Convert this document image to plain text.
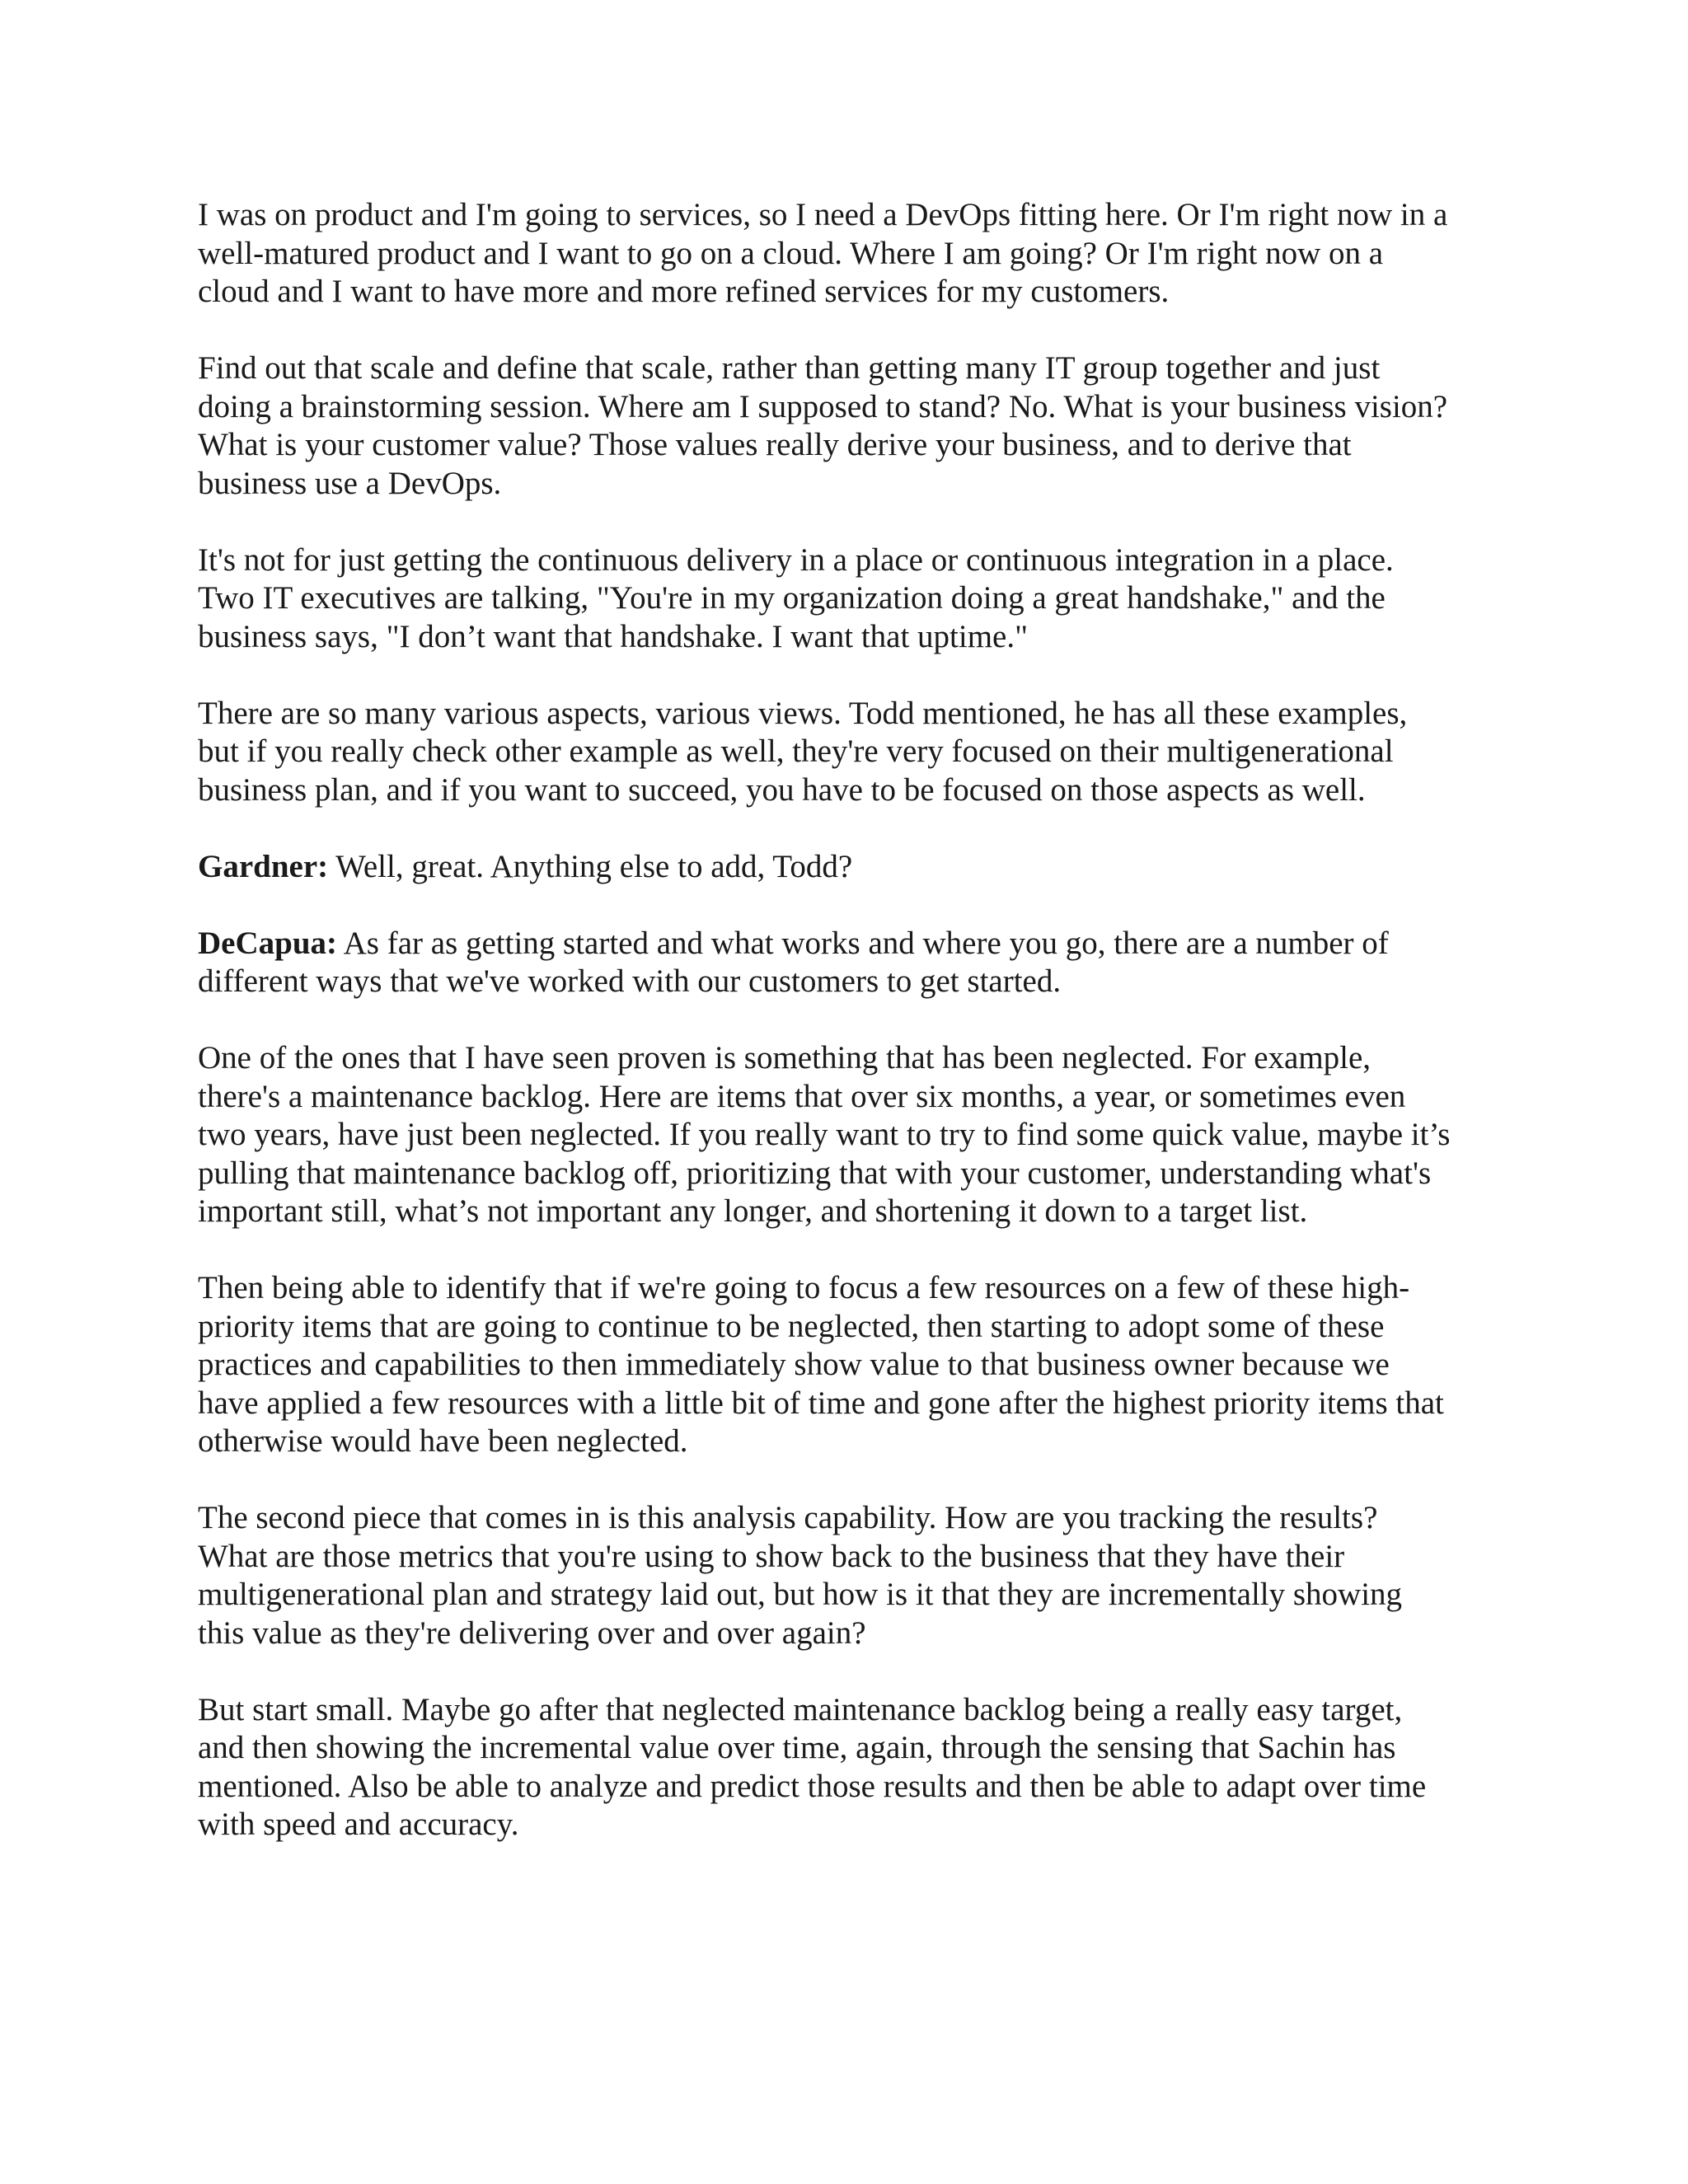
I was on product and I'm going to services, so I need a DevOps fitting here. Or I'm right now in a
well-matured product and I want to go on a cloud. Where I am going? Or I'm right now on a
cloud and I want to have more and more refined services for my customers.

Find out that scale and define that scale, rather than getting many IT group together and just
doing a brainstorming session. Where am I supposed to stand? No. What is your business vision?
What is your customer value? Those values really derive your business, and to derive that
business use a DevOps.

It's not for just getting the continuous delivery in a place or continuous integration in a place.
Two IT executives are talking, "You're in my organization doing a great handshake," and the
business says, "I don’t want that handshake. I want that uptime."

There are so many various aspects, various views. Todd mentioned, he has all these examples,
but if you really check other example as well, they're very focused on their multigenerational
business plan, and if you want to succeed, you have to be focused on those aspects as well.

Gardner: Well, great. Anything else to add, Todd?

DeCapua: As far as getting started and what works and where you go, there are a number of
different ways that we've worked with our customers to get started.

One of the ones that I have seen proven is something that has been neglected. For example,
there's a maintenance backlog. Here are items that over six months, a year, or sometimes even
two years, have just been neglected. If you really want to try to find some quick value, maybe it’s
pulling that maintenance backlog off, prioritizing that with your customer, understanding what's
important still, what’s not important any longer, and shortening it down to a target list.

Then being able to identify that if we're going to focus a few resources on a few of these high-
priority items that are going to continue to be neglected, then starting to adopt some of these
practices and capabilities to then immediately show value to that business owner because we
have applied a few resources with a little bit of time and gone after the highest priority items that
otherwise would have been neglected.

The second piece that comes in is this analysis capability. How are you tracking the results?
What are those metrics that you're using to show back to the business that they have their
multigenerational plan and strategy laid out, but how is it that they are incrementally showing
this value as they're delivering over and over again?

But start small. Maybe go after that neglected maintenance backlog being a really easy target,
and then showing the incremental value over time, again, through the sensing that Sachin has
mentioned. Also be able to analyze and predict those results and then be able to adapt over time
with speed and accuracy.
